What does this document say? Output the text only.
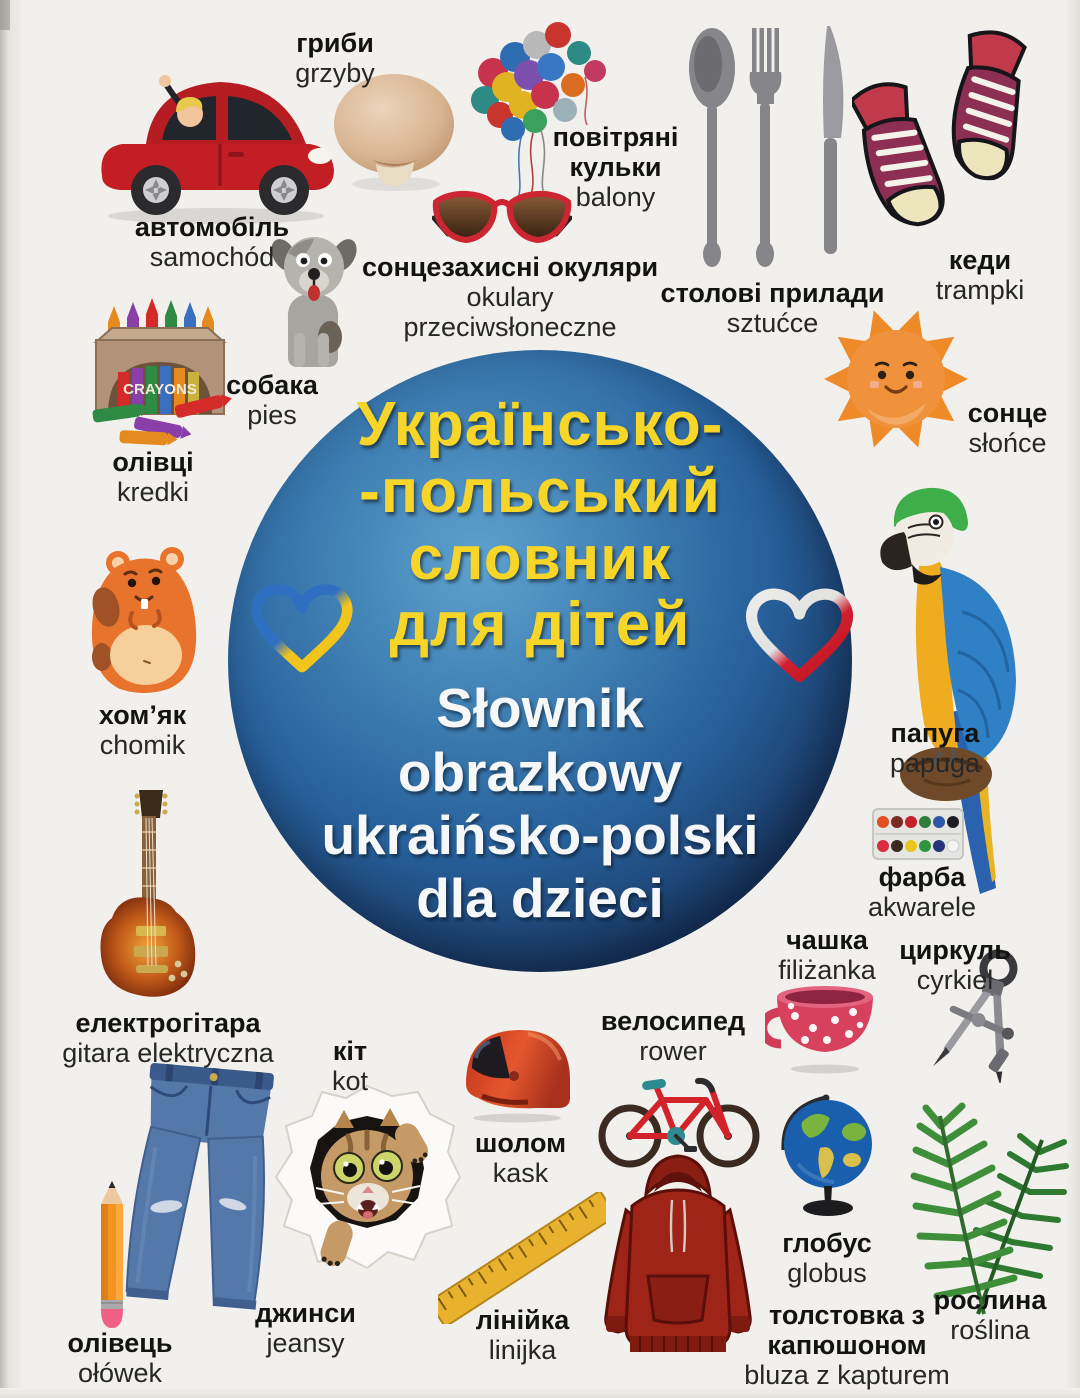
Українсько-
-польський
словник
для дітей
Słownik
obrazkowy
ukraińsko-polski
dla dzieci
CRAYONS
автомобіль
samochód
гриби
grzyby
повітряні кульки
balony
сонцезахисні окуляри
okulary przeciwsłoneczne
столові прилади
sztućce
кеди
trampki
олівці
kredki
собака
pies	сонце
słońce
хом’як
chomik	папуга
papuga
фарба
akwarele
електрогітара
gitara elektryczna
чашка
filiżanka
циркуль
cyrkiel
велосипед
rower
кіт
kot
шолом
kask
джинси
jeansy
олівець
ołówek
лінійка
linijka
толстовка з капюшоном
bluza z kapturem
глобус
globus
рослина
roślina
